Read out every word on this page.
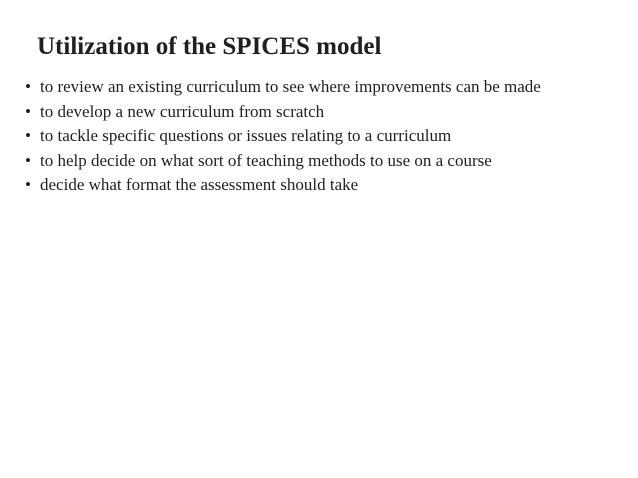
Utilization of the SPICES model
• to review an existing curriculum to see where improvements can be made
• to develop a new curriculum from scratch
• to tackle specific questions or issues relating to a curriculum
• to help decide on what sort of teaching methods to use on a course
• decide what format the assessment should take
